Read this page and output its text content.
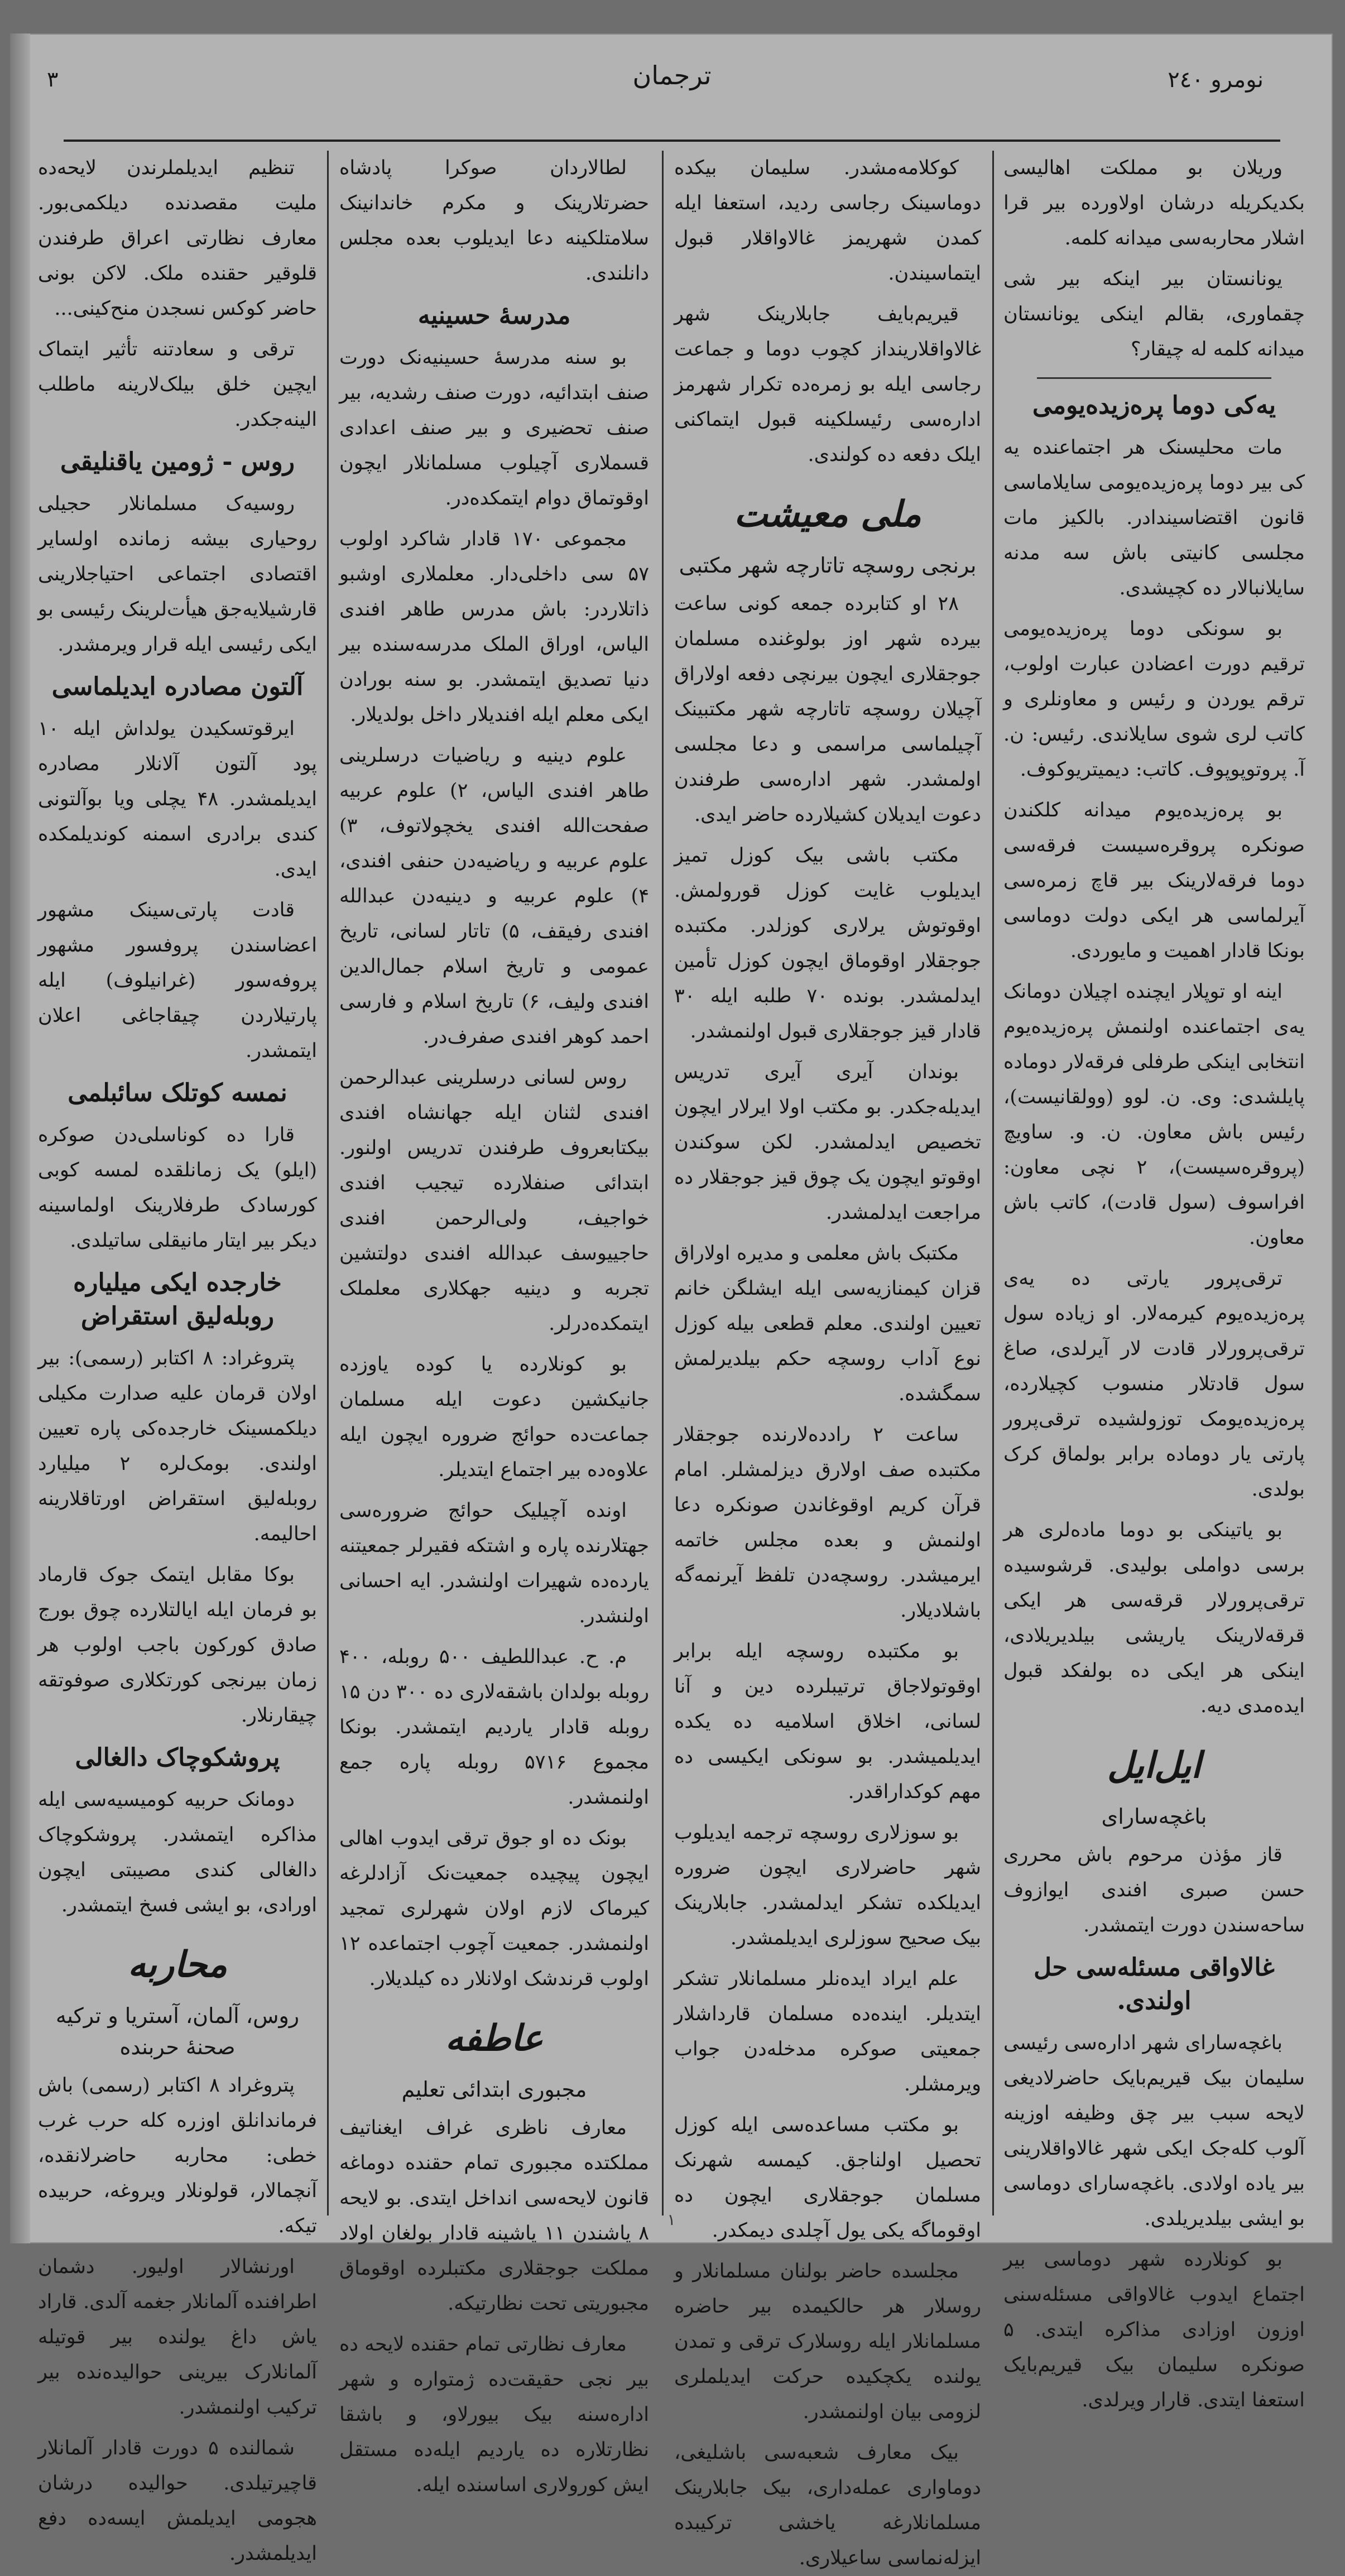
نومرو ٢٤٠
ترجمان
٣

وریلان بو مملکت اهالیسی بکدیکریله درشان اولاورده بیر قرا اشلار محاربه‌سی میدانه کلمه.

یونانستان بیر اینکه بیر شی چقماوری، بقالم اینکی یونانستان میدانه کلمه له چیقار؟

یه‌کی دوما پره‌زیده‌یومی

مات محلیسنک هر اجتماعنده یه کی بیر دوما پره‌زیده‌یومی سایلاماسی قانون اقتضاسیندادر. بالکیز مات مجلسی کانیتی باش سه مدنه سایلانبالار ده کچیشدی.

بو سونکی دوما پره‌زیده‌یومی ترقیم دورت اعضادن عبارت اولوب، ترقم یوردن و رئیس و معاونلری و کاتب لری شوی سایلاندی. رئیس: ن. آ. پروتوپوپوف. کاتب: دیمیتریوکوف.

بو پره‌زیده‌یوم میدانه کلکندن صونکره پروقره‌سیست فرقه‌سی دوما فرقه‌لارینک بیر قاچ زمره‌سی آیرلماسی هر ایکی دولت دوماسی بونکا قادار اهمیت و مایوردی.

اینه او توپلار ایچنده اچیلان دومانک یه‌ی اجتماعنده اولنمش پره‌زیده‌یوم انتخابی اینکی طرفلی فرقه‌لار دوماده پایلشدی: وی. ن. لوو (وولقانیست)، رئیس باش معاون. ن. و. ساویچ (پروقره‌سیست)، ۲ نچی معاون: افراسوف (سول قادت)، کاتب باش معاون.

ترقی‌پرور یارتی ده یه‌ی پره‌زیده‌یوم کیرمه‌لار. او زیاده سول ترقی‌پرورلار قادت لار آیرلدی، صاغ سول قادتلار منسوب کچیلارده، پره‌زیده‌یومک توزولشیده ترقی‌پرور پارتی یار دوماده برابر بولماق کرک بولدی.

بو یاتینکی بو دوما ماده‌لری هر برسی دواملی بولیدی. قرشوسیده ترقی‌پرورلار قرقه‌سی هر ایکی قرقه‌لارینک یاریشی بیلدیریلادی، اینکی هر ایکی ده بولفکد قبول ایده‌مدی دیه.

ایل‌ایل
باغچه‌سارای

قاز مؤذن مرحوم باش محرری حسن صبری افندی ایوازوف ساحه‌سندن دورت ایتمشدر.

غالاواقی مسئله‌سی حل اولندی.

باغچه‌سارای شهر اداره‌سی رئیسی سلیمان بیک قیریم‌بایک حاضرلادیغی لایحه سبب بیر چق وظیفه اوزینه آلوب کله‌جک ایکی شهر غالاواقلارینی بیر یاده اولادی. باغچه‌سارای دوماسی بو ایشی بیلدیریلدی.

بو کونلارده شهر دوماسی بیر اجتماع ایدوب غالاواقی مسئله‌سنی اوزون اوزادی مذاکره ایتدی. ۵ صونکره سلیمان بیک قیریم‌بایک استعفا ایتدی. قارار ویرلدی.

کوکلامه‌مشدر. سلیمان بیکده دوماسینک رجاسی ردید، استعفا ایله کمدن شهریمز غالاواقلار قبول ایتماسیندن.

قیریم‌بایف جابلارینک شهر غالاواقلارینداز کچوب دوما و جماعت رجاسی ایله بو زمره‌ده تکرار شهرمز اداره‌سی رئیسلکینه قبول ایتماکنی ایلک دفعه ده کولندی.

ملی معیشت
برنجی روسچه تاتارچه شهر مکتبی

۲۸ او کتابرده جمعه کونی ساعت بیرده شهر اوز بولوغنده مسلمان جوجقلاری ایچون بیرنچی دفعه اولاراق آچیلان روسچه تاتارچه شهر مکتبینک آچیلماسی مراسمی و دعا مجلسی اولمشدر. شهر اداره‌سی طرفندن دعوت ایدیلان کشیلارده حاضر ایدی.

مکتب باشی بیک کوزل تمیز ایدیلوب غایت کوزل قورولمش. اوقوتوش یرلاری کوزلدر. مکتبده جوجقلار اوقوماق ایچون کوزل تأمین ایدلمشدر. بونده ۷۰ طلبه ایله ۳۰ قادار قیز جوجقلاری قبول اولنمشدر.

بوندان آیری آیری تدریس ایدیله‌جکدر. بو مکتب اولا ایرلار ایچون تخصیص ایدلمشدر. لکن سوکندن اوقوتو ایچون یک چوق قیز جوجقلار ده مراجعت ایدلمشدر.

مکتبک باش معلمی و مدیره اولاراق قزان کیمنازیه‌سی ایله ایشلگن خانم تعیین اولندی. معلم قطعی بیله کوزل نوع آداب روسچه حکم بیلدیرلمش سمگشده.

ساعت ۲ رادده‌لارنده جوجقلار مکتبده صف اولارق دیزلمشلر. امام قرآن کریم اوقوغاندن صونکره دعا اولنمش و بعده مجلس خاتمه ایرمیشدر. روسچه‌دن تلفظ آیرنمه‌گه باشلادیلار.

بو مکتبده روسچه ایله برابر اوقوتولاجاق ترتیبلرده دین و آنا لسانی، اخلاق اسلامیه ده یکده ایدیلمیشدر. بو سونکی ایکیسی ده مهم کوکداراقدر.

بو سوزلاری روسچه ترجمه ایدیلوب شهر حاضرلاری ایچون ضروره ایدیلکده تشکر ایدلمشدر. جابلارینک بیک صحیح سوزلری ایدیلمشدر.

علم ایراد ایده‌نلر مسلمانلار تشکر ایتدیلر. اینده‌ده مسلمان قارداشلار جمعیتی صوکره مدخله‌دن جواب ویرمشلر.

بو مکتب مساعده‌سی ایله کوزل تحصیل اولناجق. کیمسه شهرنک مسلمان جوجقلاری ایچون ده اوقوما‌گه یکی یول آچلدی دیمکدر.

مجلسده حاضر بولنان مسلمانلار و روسلار هر حالکیمده بیر حاضره مسلمانلار ایله روسلارک ترقی و تمدن یولنده یکچکیده حرکت ایدیلملری لزومی بیان اولنمشدر.

بیک معارف شعبه‌سی باشلیغی، دوماواری عمله‌داری، بیک جابلارینک مسلمانلارغه یاخشی ترکیبده ایزله‌نماسی ساعیلاری.

لطالاردان صوکرا پادشاه حضرتلارینک و مکرم خاندانینک سلامتلکینه دعا ایدیلوب بعده مجلس دانلندی.

مدرسهٔ حسینیه

بو سنه مدرسهٔ حسینیه‌نک دورت صنف ابتدائیه، دورت صنف رشدیه، بیر صنف تحضیری و بیر صنف اعدادی قسملاری آچیلوب مسلمانلار ایچون اوقوتماق دوام ایتمکده‌در.

مجموعی ۱۷۰ قادار شاکرد اولوب ۵۷ سی داخلی‌دار. معلملاری اوشبو ذاتلاردر: باش مدرس طاهر افندی الیاس، اوراق الملک مدرسه‌سنده بیر دنیا تصدیق ایتمشدر. بو سنه بورادن ایکی معلم ایله افندیلار داخل بولدیلار.

علوم دینیه و ریاضیات درسلرینی طاهر افندی الیاس، ۲) علوم عربیه صفحت‌الله افندی یخچولاتوف، ۳) علوم عربیه و ریاضیه‌دن حنفی افندی، ۴) علوم عربیه و دینیه‌دن عبدالله افندی رفیقف، ۵) تاتار لسانی، تاریخ عمومی و تاریخ اسلام جمال‌الدین افندی ولیف، ۶) تاریخ اسلام و فارسی احمد کوهر افندی صفرف‌در.

روس لسانی درسلرینی عبدالرحمن افندی لثنان ایله جهانشاه افندی بیکتابعروف طرفندن تدریس اولنور. ابتدائی صنفلارده تیجیب افندی خواجیف، ولی‌الرحمن افندی حاجییوسف عبدالله افندی دولتشین تجربه و دینیه جهکلاری معلملک ایتمکده‌درلر.

بو کونلارده یا کوده یاوزده جانیکشین دعوت ایله مسلمان جماعت‌ده حوائج ضروره ایچون ایله علاوه‌ده بیر اجتماع ایتدیلر.

اونده آچیلیک حوائج ضروره‌سی جهتلارنده پاره و اشتکه فقیرلر جمعیتنه یارده‌ده شهیرات اولنشدر. ایه احسانی اولنشدر.

م. ح. عبداللطیف ۵۰۰ روبله، ۴۰۰ روبله بولدان باشقه‌لاری ده ۳۰۰ دن ۱۵ روبله قادار یاردیم ایتمشدر. بونکا مجموع ۵۷۱۶ روبله پاره جمع اولنمشدر.

بونک ده او جوق ترقی ایدوب اهالی ایچون پیچیده جمعیت‌نک آزادلرغه کیرماک لازم اولان شهرلری تمجید اولنمشدر. جمعیت آچوب اجتماعده ۱۲ اولوب قرندشک اولانلار ده کیلدیلار.

عاطفه
مجبوری ابتدائی تعلیم

معارف ناظری غراف ایغناتیف مملکتده مجبوری تمام حقنده دوماغه قانون لایحه‌سی انداخل ایتدی. بو لایحه ۸ یاشندن ۱۱ یاشینه قادار بولغان اولاد مملکت جوجقلاری مکتبلرده اوقوماق مجبوریتی تحت نظارتیکه.

معارف نظارتی تمام حقنده لایحه ده بیر نجی حقیقت‌ده ژمتواره و شهر اداره‌سنه بیک بیورلاو، و باشقا نظارتلاره ده یاردیم ایله‌ده مستقل ایش کورولاری اساسنده ایله.

تنظیم ایدیلملرندن لایحه‌ده ملیت مقصدنده دیلکمی‌بور. معارف نظارتی اعراق طرفندن قلوقیر حقنده ملک. لاکن بونی حاضر کوکس نسجدن منح‌کینی...

ترقی و سعادتنه تأثیر ایتماک ایچین خلق بیلک‌لارینه ماطلب الینه‌جکدر.

روس - ژومین یاقنلیقی

روسیه‌ک مسلمانلار حجیلی روحیاری بیشه زمانده اولسایر اقتصادی اجتماعی احتیاجلارینی قارشیلایه‌جق هیأت‌لرینک رئیسی بو ایکی رئیسی ایله قرار ویرمشدر.

آلتون مصادره ایدیلماسی

ایرقوتسکیدن یولداش ایله ۱۰ پود آلتون آلانلار مصادره ایدیلمشدر. ۴۸ یچلی ویا بوآلتونی کندی برادری اسمنه کوندیلمکده ایدی.

قادت پارتی‌سینک مشهور اعضاسندن پروفسور مشهور پروفه‌سور (غرانیلوف) ایله پارتیلاردن چیقاجاغی اعلان ایتمشدر.

نمسه کوتلک سائبلمی

قارا ده کوناسلی‌دن صوکره (ایلو) یک زمانلقده لمسه کوبی کورسادک طرفلارینک اولماسینه دیکر بیر ایتار مانیقلی ساتیلدی.

خارجده ایکی میلیاره روبله‌لیق استقراض

پتروغراد: ۸ اکتابر (رسمی): بیر اولان قرمان علیه صدارت مکیلی دیلکمسینک خارجده‌کی پاره تعیین اولندی. بومک‌لره ۲ میلیارد روبله‌لیق استقراض اورتاقلارینه احالیمه.

بوکا مقابل ایتمک جوک قارماد بو فرمان ایله ایالتلارده چوق بورج صادق کورکون باجب اولوب هر زمان بیرنجی کورتکلاری صوفوتقه چیقارنلار.

پروشکوچاک دالغالی

دوما‌نک حربیه کومیسیه‌سی ایله مذاکره ایتمشدر. پروشکوچاک دالغالی کندی مصیبتی ایچون اورادی، بو ایشی فسخ ایتمشدر.

محاربه
روس، آلمان، آستریا و ترکیه صحنهٔ حربنده

پتروغراد ۸ اکتابر (رسمی) باش فرماندانلق اوزره کله حرب غرب خطی: محاربه حاضرلانقده، آنچمالار، قولونلار ویروغه، حربیده تیکه.

اورنشالار اولیور. دشمان اطرافنده آلمانلار جغمه آلدی. قاراد یاش داغ یولنده بیر قوتیله آلمانلارک بیرینی حوالیده‌نده بیر ترکیب اولنمشدر.

شمالنده ۵ دورت قادار آلمانلار قاچیرتیلدی. حوالیده درشان هجومی ایدیلمش ایسه‌ده دفع ایدیلمشدر.

١
